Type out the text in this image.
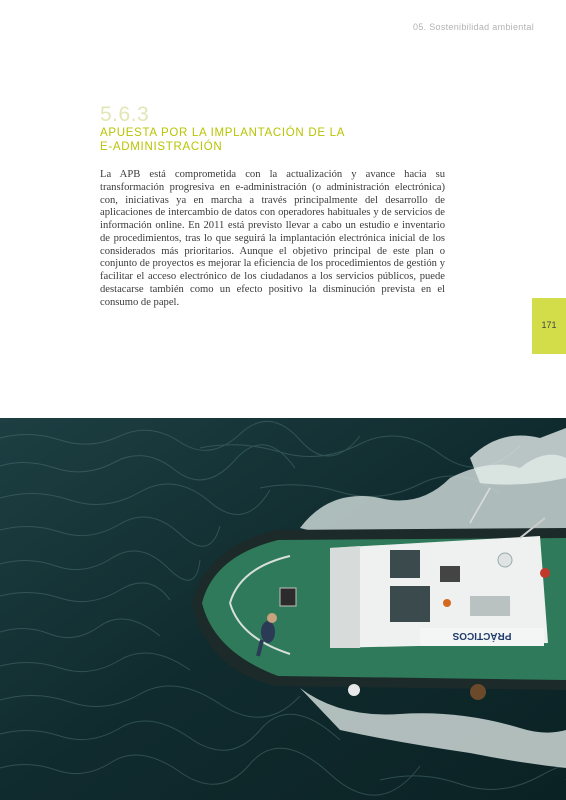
05. Sostenibilidad ambiental
5.6.3
APUESTA POR LA IMPLANTACIÓN DE LA
E-ADMINISTRACIÓN

La APB está comprometida con la actualización y avance hacia su transformación progresiva en e-administración (o administración electrónica) con, iniciativas ya en marcha a través principalmente del desarrollo de aplicaciones de intercambio de datos con operadores habituales y de servicios de información online. En 2011 está previsto llevar a cabo un estudio e inventario de procedimientos, tras lo que seguirá la implantación electrónica inicial de los considerados más prioritarios. Aunque el objetivo principal de este plan o conjunto de proyectos es mejorar la eficiencia de los procedimientos de gestión y facilitar el acceso electrónico de los ciudadanos a los servicios públicos, puede destacarse también como un efecto positivo la disminución prevista en el consumo de papel.

171
PRÁCTICOS
